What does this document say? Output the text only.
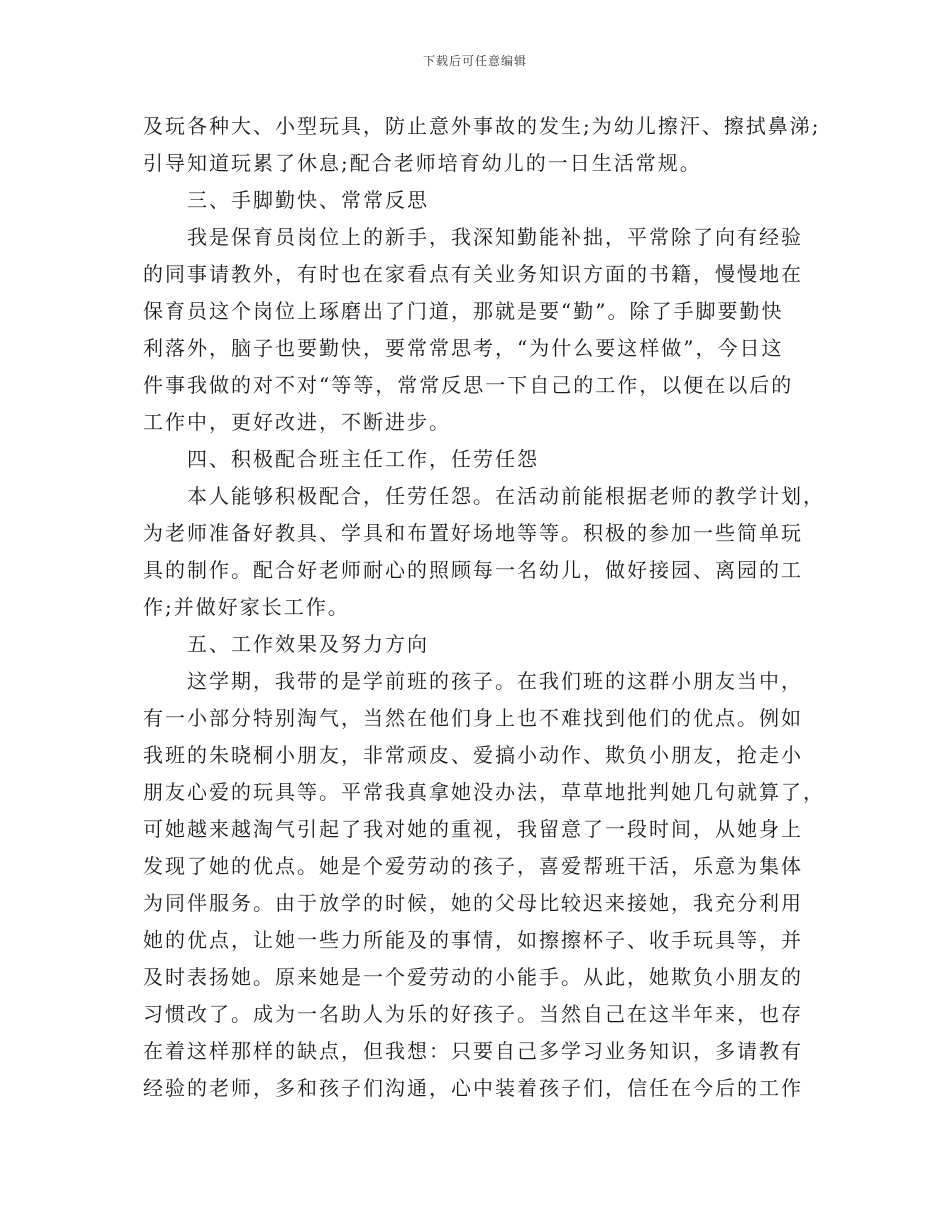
下载后可任意编辑
及玩各种大、小型玩具，防止意外事故的发生;为幼儿擦汗、擦拭鼻涕;
引导知道玩累了休息;配合老师培育幼儿的一日生活常规。
三、手脚勤快、常常反思
我是保育员岗位上的新手，我深知勤能补拙，平常除了向有经验
的同事请教外，有时也在家看点有关业务知识方面的书籍，慢慢地在
保育员这个岗位上琢磨出了门道，那就是要“勤”。除了手脚要勤快
利落外，脑子也要勤快，要常常思考，“为什么要这样做”，今日这
件事我做的对不对“等等，常常反思一下自己的工作，以便在以后的
工作中，更好改进，不断进步。
四、积极配合班主任工作，任劳任怨
本人能够积极配合，任劳任怨。在活动前能根据老师的教学计划，
为老师准备好教具、学具和布置好场地等等。积极的参加一些简单玩
具的制作。配合好老师耐心的照顾每一名幼儿，做好接园、离园的工
作;并做好家长工作。
五、工作效果及努力方向
这学期，我带的是学前班的孩子。在我们班的这群小朋友当中，
有一小部分特别淘气，当然在他们身上也不难找到他们的优点。例如
我班的朱晓桐小朋友，非常顽皮、爱搞小动作、欺负小朋友，抢走小
朋友心爱的玩具等。平常我真拿她没办法，草草地批判她几句就算了，
可她越来越淘气引起了我对她的重视，我留意了一段时间，从她身上
发现了她的优点。她是个爱劳动的孩子，喜爱帮班干活，乐意为集体
为同伴服务。由于放学的时候，她的父母比较迟来接她，我充分利用
她的优点，让她一些力所能及的事情，如擦擦杯子、收手玩具等，并
及时表扬她。原来她是一个爱劳动的小能手。从此，她欺负小朋友的
习惯改了。成为一名助人为乐的好孩子。当然自己在这半年来，也存
在着这样那样的缺点，但我想：只要自己多学习业务知识，多请教有
经验的老师，多和孩子们沟通，心中装着孩子们，信任在今后的工作
